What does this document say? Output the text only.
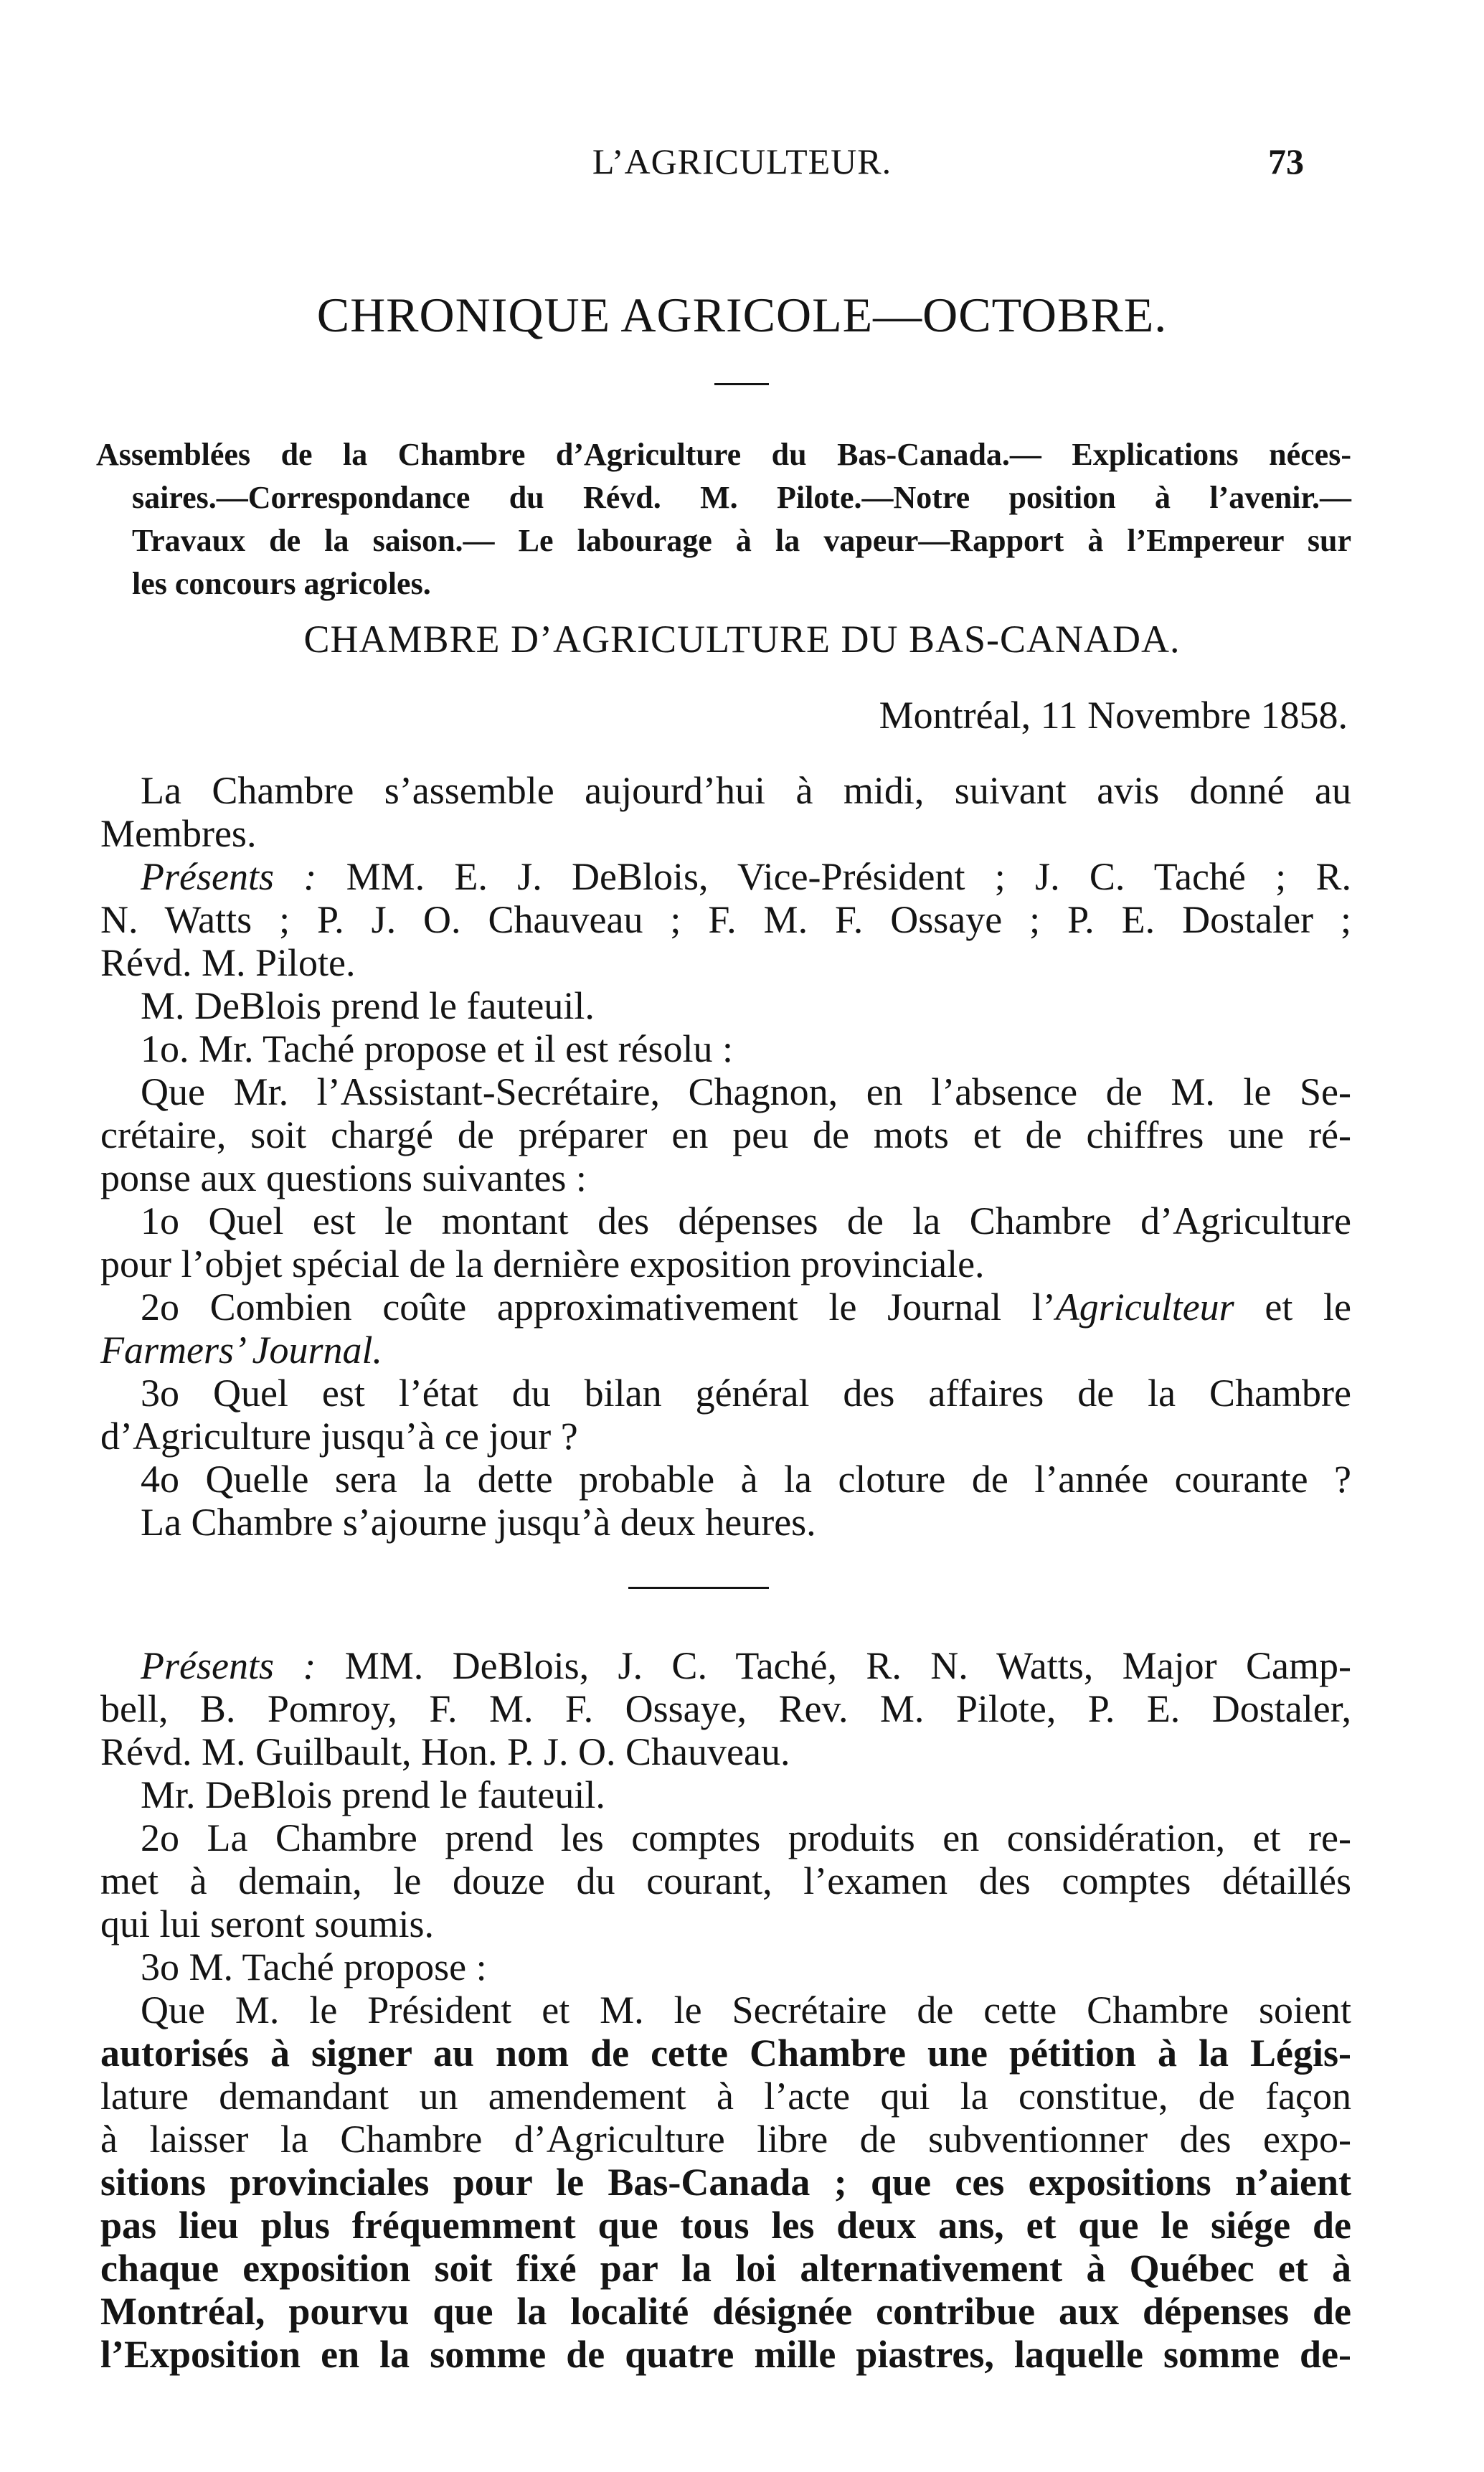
L’AGRICULTEUR.	73

CHRONIQUE AGRICOLE—OCTOBRE.
Assemblées de la Chambre d’Agriculture du Bas-Canada.— Explications néces-
saires.—Correspondance du Révd. M. Pilote.—Notre position à l’avenir.—
Travaux de la saison.— Le labourage à la vapeur—Rapport à l’Empereur sur
les concours agricoles.
CHAMBRE D’AGRICULTURE DU BAS-CANADA.

Montréal, 11 Novembre 1858.

La Chambre s’assemble aujourd’hui à midi, suivant avis donné au
Membres.
Présents : MM. E. J. DeBlois, Vice-Président ; J. C. Taché ; R.
N. Watts ; P. J. O. Chauveau ; F. M. F. Ossaye ; P. E. Dostaler ;
Révd. M. Pilote.
M. DeBlois prend le fauteuil.
1o. Mr. Taché propose et il est résolu :
Que Mr. l’Assistant-Secrétaire, Chagnon, en l’absence de M. le Se-
crétaire, soit chargé de préparer en peu de mots et de chiffres une ré-
ponse aux questions suivantes :
1o Quel est le montant des dépenses de la Chambre d’Agriculture
pour l’objet spécial de la dernière exposition provinciale.
2o Combien coûte approximativement le Journal l’Agriculteur et le
Farmers’ Journal.
3o Quel est l’état du bilan général des affaires de la Chambre
d’Agriculture jusqu’à ce jour ?
4o Quelle sera la dette probable à la cloture de l’année courante ?
La Chambre s’ajourne jusqu’à deux heures.
Présents : MM. DeBlois, J. C. Taché, R. N. Watts, Major Camp-
bell, B. Pomroy, F. M. F. Ossaye, Rev. M. Pilote, P. E. Dostaler,
Révd. M. Guilbault, Hon. P. J. O. Chauveau.
Mr. DeBlois prend le fauteuil.
2o La Chambre prend les comptes produits en considération, et re-
met à demain, le douze du courant, l’examen des comptes détaillés
qui lui seront soumis.
3o M. Taché propose :
Que M. le Président et M. le Secrétaire de cette Chambre soient
autorisés à signer au nom de cette Chambre une pétition à la Légis-
lature demandant un amendement à l’acte qui la constitue, de façon
à laisser la Chambre d’Agriculture libre de subventionner des expo-
sitions provinciales pour le Bas-Canada ; que ces expositions n’aient
pas lieu plus fréquemment que tous les deux ans, et que le siége de
chaque exposition soit fixé par la loi alternativement à Québec et à
Montréal, pourvu que la localité désignée contribue aux dépenses de
l’Exposition en la somme de quatre mille piastres, laquelle somme de-
